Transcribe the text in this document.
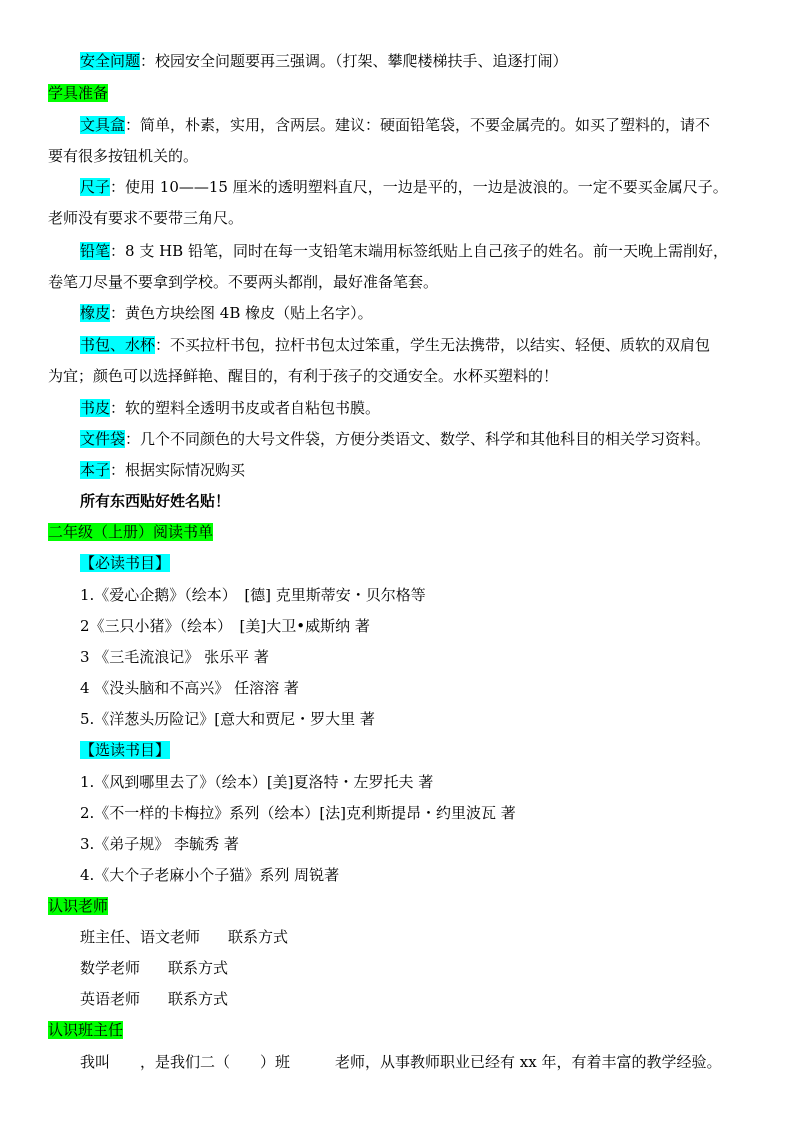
安全问题：校园安全问题要再三强调。（打架、攀爬楼梯扶手、追逐打闹）

学具准备

文具盒：简单，朴素，实用，含两层。建议：硬面铅笔袋，不要金属壳的。如买了塑料的，请不

要有很多按钮机关的。

尺子：使用 10——15 厘米的透明塑料直尺，一边是平的，一边是波浪的。一定不要买金属尺子。

老师没有要求不要带三角尺。

铅笔：8 支 HB 铅笔，同时在每一支铅笔末端用标签纸贴上自己孩子的姓名。前一天晚上需削好，

卷笔刀尽量不要拿到学校。不要两头都削，最好准备笔套。

橡皮：黄色方块绘图 4B 橡皮（贴上名字）。

书包、水杯：不买拉杆书包，拉杆书包太过笨重，学生无法携带，以结实、轻便、质软的双肩包

为宜；颜色可以选择鲜艳、醒目的，有利于孩子的交通安全。水杯买塑料的！

书皮：软的塑料全透明书皮或者自粘包书膜。

文件袋：几个不同颜色的大号文件袋，方便分类语文、数学、科学和其他科目的相关学习资料。

本子：根据实际情况购买

所有东西贴好姓名贴！

二年级（上册）阅读书单

【必读书目】

1.《爱心企鹅》（绘本）　[德] 克里斯蒂安・贝尔格等

2《三只小猪》（绘本）　[美]大卫•威斯纳 著

3 《三毛流浪记》 张乐平 著

4 《没头脑和不高兴》 任溶溶 著

5.《洋葱头历险记》[意大和贾尼・罗大里 著

【选读书目】

1.《风到哪里去了》（绘本）[美]夏洛特・左罗托夫 著

2.《不一样的卡梅拉》系列（绘本）[法]克利斯提昂・约里波瓦 著

3.《弟子规》 李毓秀 著

4.《大个子老麻小个子猫》系列 周锐著

认识老师

班主任、语文老师 联系方式

数学老师 联系方式

英语老师 联系方式

认识班主任

我叫　　，是我们二（　　）班　　　老师，从事教师职业已经有 xx 年，有着丰富的教学经验。
